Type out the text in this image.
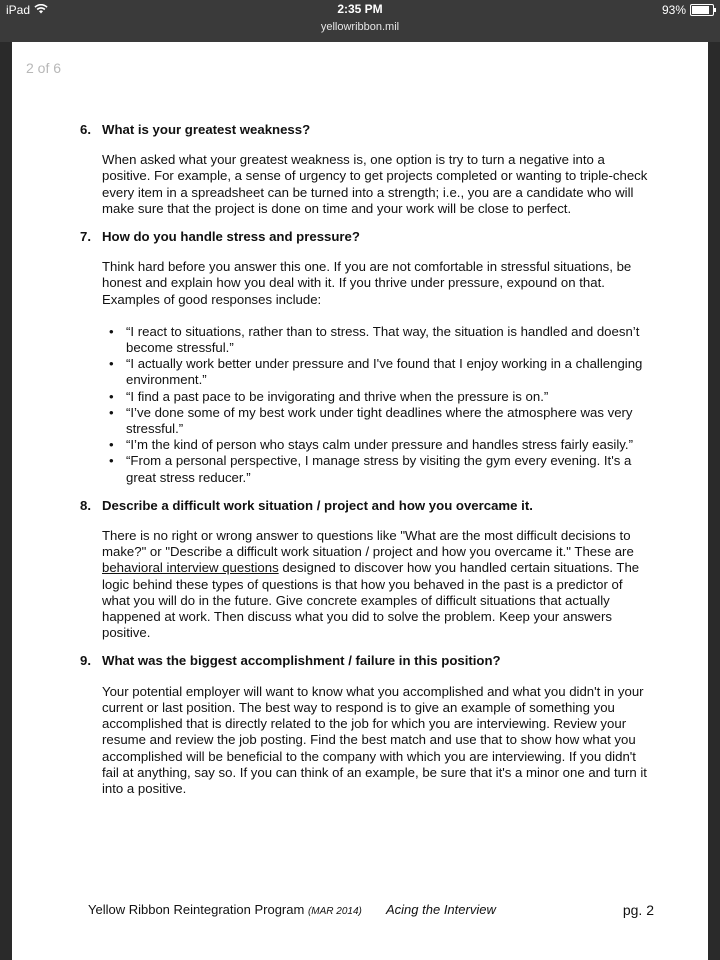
iPad	2:35 PM
yellowribbon.mil
93%
2 of 6
6. What is your greatest weakness?

When asked what your greatest weakness is, one option is try to turn a negative into a positive. For example, a sense of urgency to get projects completed or wanting to triple-check every item in a spreadsheet can be turned into a strength; i.e., you are a candidate who will make sure that the project is done on time and your work will be close to perfect.

7. How do you handle stress and pressure?

Think hard before you answer this one. If you are not comfortable in stressful situations, be honest and explain how you deal with it. If you thrive under pressure, expound on that. Examples of good responses include:

• “I react to situations, rather than to stress. That way, the situation is handled and doesn’t become stressful.”
• “I actually work better under pressure and I've found that I enjoy working in a challenging environment.”
• “I find a past pace to be invigorating and thrive when the pressure is on.”
• “I’ve done some of my best work under tight deadlines where the atmosphere was very stressful.”
• “I’m the kind of person who stays calm under pressure and handles stress fairly easily.”
• “From a personal perspective, I manage stress by visiting the gym every evening. It's a great stress reducer.”
8. Describe a difficult work situation / project and how you overcame it.

There is no right or wrong answer to questions like "What are the most difficult decisions to make?" or "Describe a difficult work situation / project and how you overcame it." These are behavioral interview questions designed to discover how you handled certain situations. The logic behind these types of questions is that how you behaved in the past is a predictor of what you will do in the future. Give concrete examples of difficult situations that actually happened at work. Then discuss what you did to solve the problem. Keep your answers positive.

9. What was the biggest accomplishment / failure in this position?

Your potential employer will want to know what you accomplished and what you didn't in your current or last position. The best way to respond is to give an example of something you accomplished that is directly related to the job for which you are interviewing. Review your resume and review the job posting. Find the best match and use that to show how what you accomplished will be beneficial to the company with which you are interviewing. If you didn't fail at anything, say so. If you can think of an example, be sure that it's a minor one and turn it into a positive.

Yellow Ribbon Reintegration Program (MAR 2014) Acing the Interview	pg. 2
